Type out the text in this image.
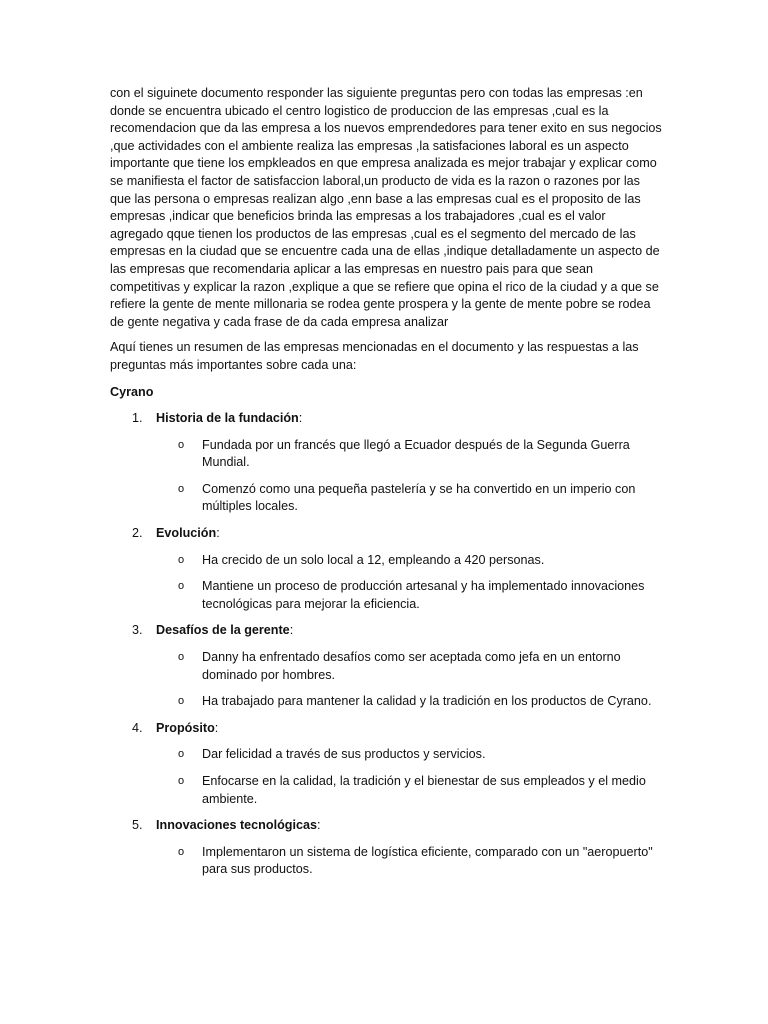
con el siguinete documento responder las siguiente preguntas pero con todas las empresas :en donde se encuentra ubicado el centro logistico de produccion de las empresas ,cual es la recomendacion que da las empresa a los nuevos emprendedores para tener exito en sus negocios ,que actividades con el ambiente realiza las empresas ,la satisfaciones laboral es un aspecto importante que tiene los empkleados en que empresa analizada es mejor trabajar y explicar como se manifiesta el factor de satisfaccion laboral,un producto de vida es la razon o razones por las que las persona o empresas realizan algo ,enn base a las empresas cual es el proposito de las empresas ,indicar que beneficios brinda las empresas a los trabajadores ,cual es el valor agregado qque tienen los productos de las empresas ,cual es el segmento del mercado de las empresas en la ciudad que se encuentre cada una de ellas ,indique detalladamente un aspecto de las empresas que recomendaria aplicar a las empresas en nuestro pais para que sean competitivas y explicar la razon ,explique a que se refiere que opina el rico de la ciudad y a que se refiere la gente de mente millonaria se rodea gente prospera y la gente de mente pobre se rodea de gente negativa y cada frase de da cada empresa analizar

Aquí tienes un resumen de las empresas mencionadas en el documento y las respuestas a las preguntas más importantes sobre cada una:

Cyrano

1. Historia de la fundación:
o Fundada por un francés que llegó a Ecuador después de la Segunda Guerra Mundial.
o Comenzó como una pequeña pastelería y se ha convertido en un imperio con múltiples locales.
2. Evolución:
o Ha crecido de un solo local a 12, empleando a 420 personas.
o Mantiene un proceso de producción artesanal y ha implementado innovaciones tecnológicas para mejorar la eficiencia.
3. Desafíos de la gerente:
o Danny ha enfrentado desafíos como ser aceptada como jefa en un entorno dominado por hombres.
o Ha trabajado para mantener la calidad y la tradición en los productos de Cyrano.
4. Propósito:
o Dar felicidad a través de sus productos y servicios.
o Enfocarse en la calidad, la tradición y el bienestar de sus empleados y el medio ambiente.
5. Innovaciones tecnológicas:
o Implementaron un sistema de logística eficiente, comparado con un "aeropuerto" para sus productos.
